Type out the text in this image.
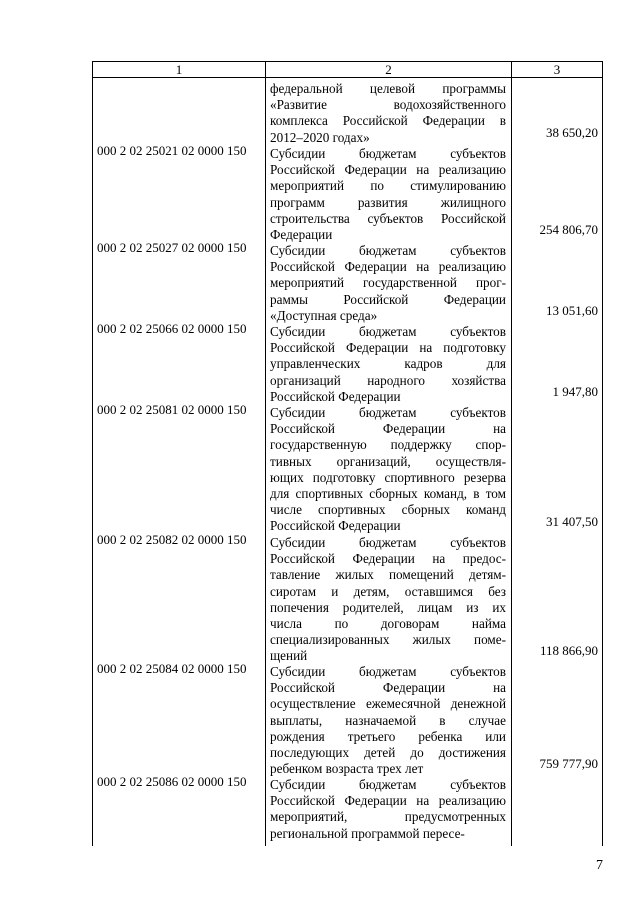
1	2	3
федеральной целевой программы
«Развитие водохозяйственного
комплекса Российской Федерации в
2012–2020 годах»
000 2 02 25021 02 0000 150
38 650,20
Субсидии бюджетам субъектов
Российской Федерации на реализацию
мероприятий по стимулированию
программ развития жилищного
строительства субъектов Российской
Федерации
000 2 02 25027 02 0000 150
254 806,70
Субсидии бюджетам субъектов
Российской Федерации на реализацию
мероприятий государственной прог-
раммы Российской Федерации
«Доступная среда»
000 2 02 25066 02 0000 150
13 051,60
Субсидии бюджетам субъектов
Российской Федерации на подготовку
управленческих кадров для
организаций народного хозяйства
Российской Федерации
000 2 02 25081 02 0000 150
1 947,80
Субсидии бюджетам субъектов
Российской Федерации на
государственную поддержку спор-
тивных организаций, осуществля-
ющих подготовку спортивного резерва
для спортивных сборных команд, в том
числе спортивных сборных команд
Российской Федерации
000 2 02 25082 02 0000 150
31 407,50
Субсидии бюджетам субъектов
Российской Федерации на предос-
тавление жилых помещений детям-
сиротам и детям, оставшимся без
попечения родителей, лицам из их
числа по договорам найма
специализированных жилых поме-
щений
000 2 02 25084 02 0000 150
118 866,90
Субсидии бюджетам субъектов
Российской Федерации на
осуществление ежемесячной денежной
выплаты, назначаемой в случае
рождения третьего ребенка или
последующих детей до достижения
ребенком возраста трех лет
000 2 02 25086 02 0000 150
759 777,90
Субсидии бюджетам субъектов
Российской Федерации на реализацию
мероприятий, предусмотренных
региональной программой пересе-
7
